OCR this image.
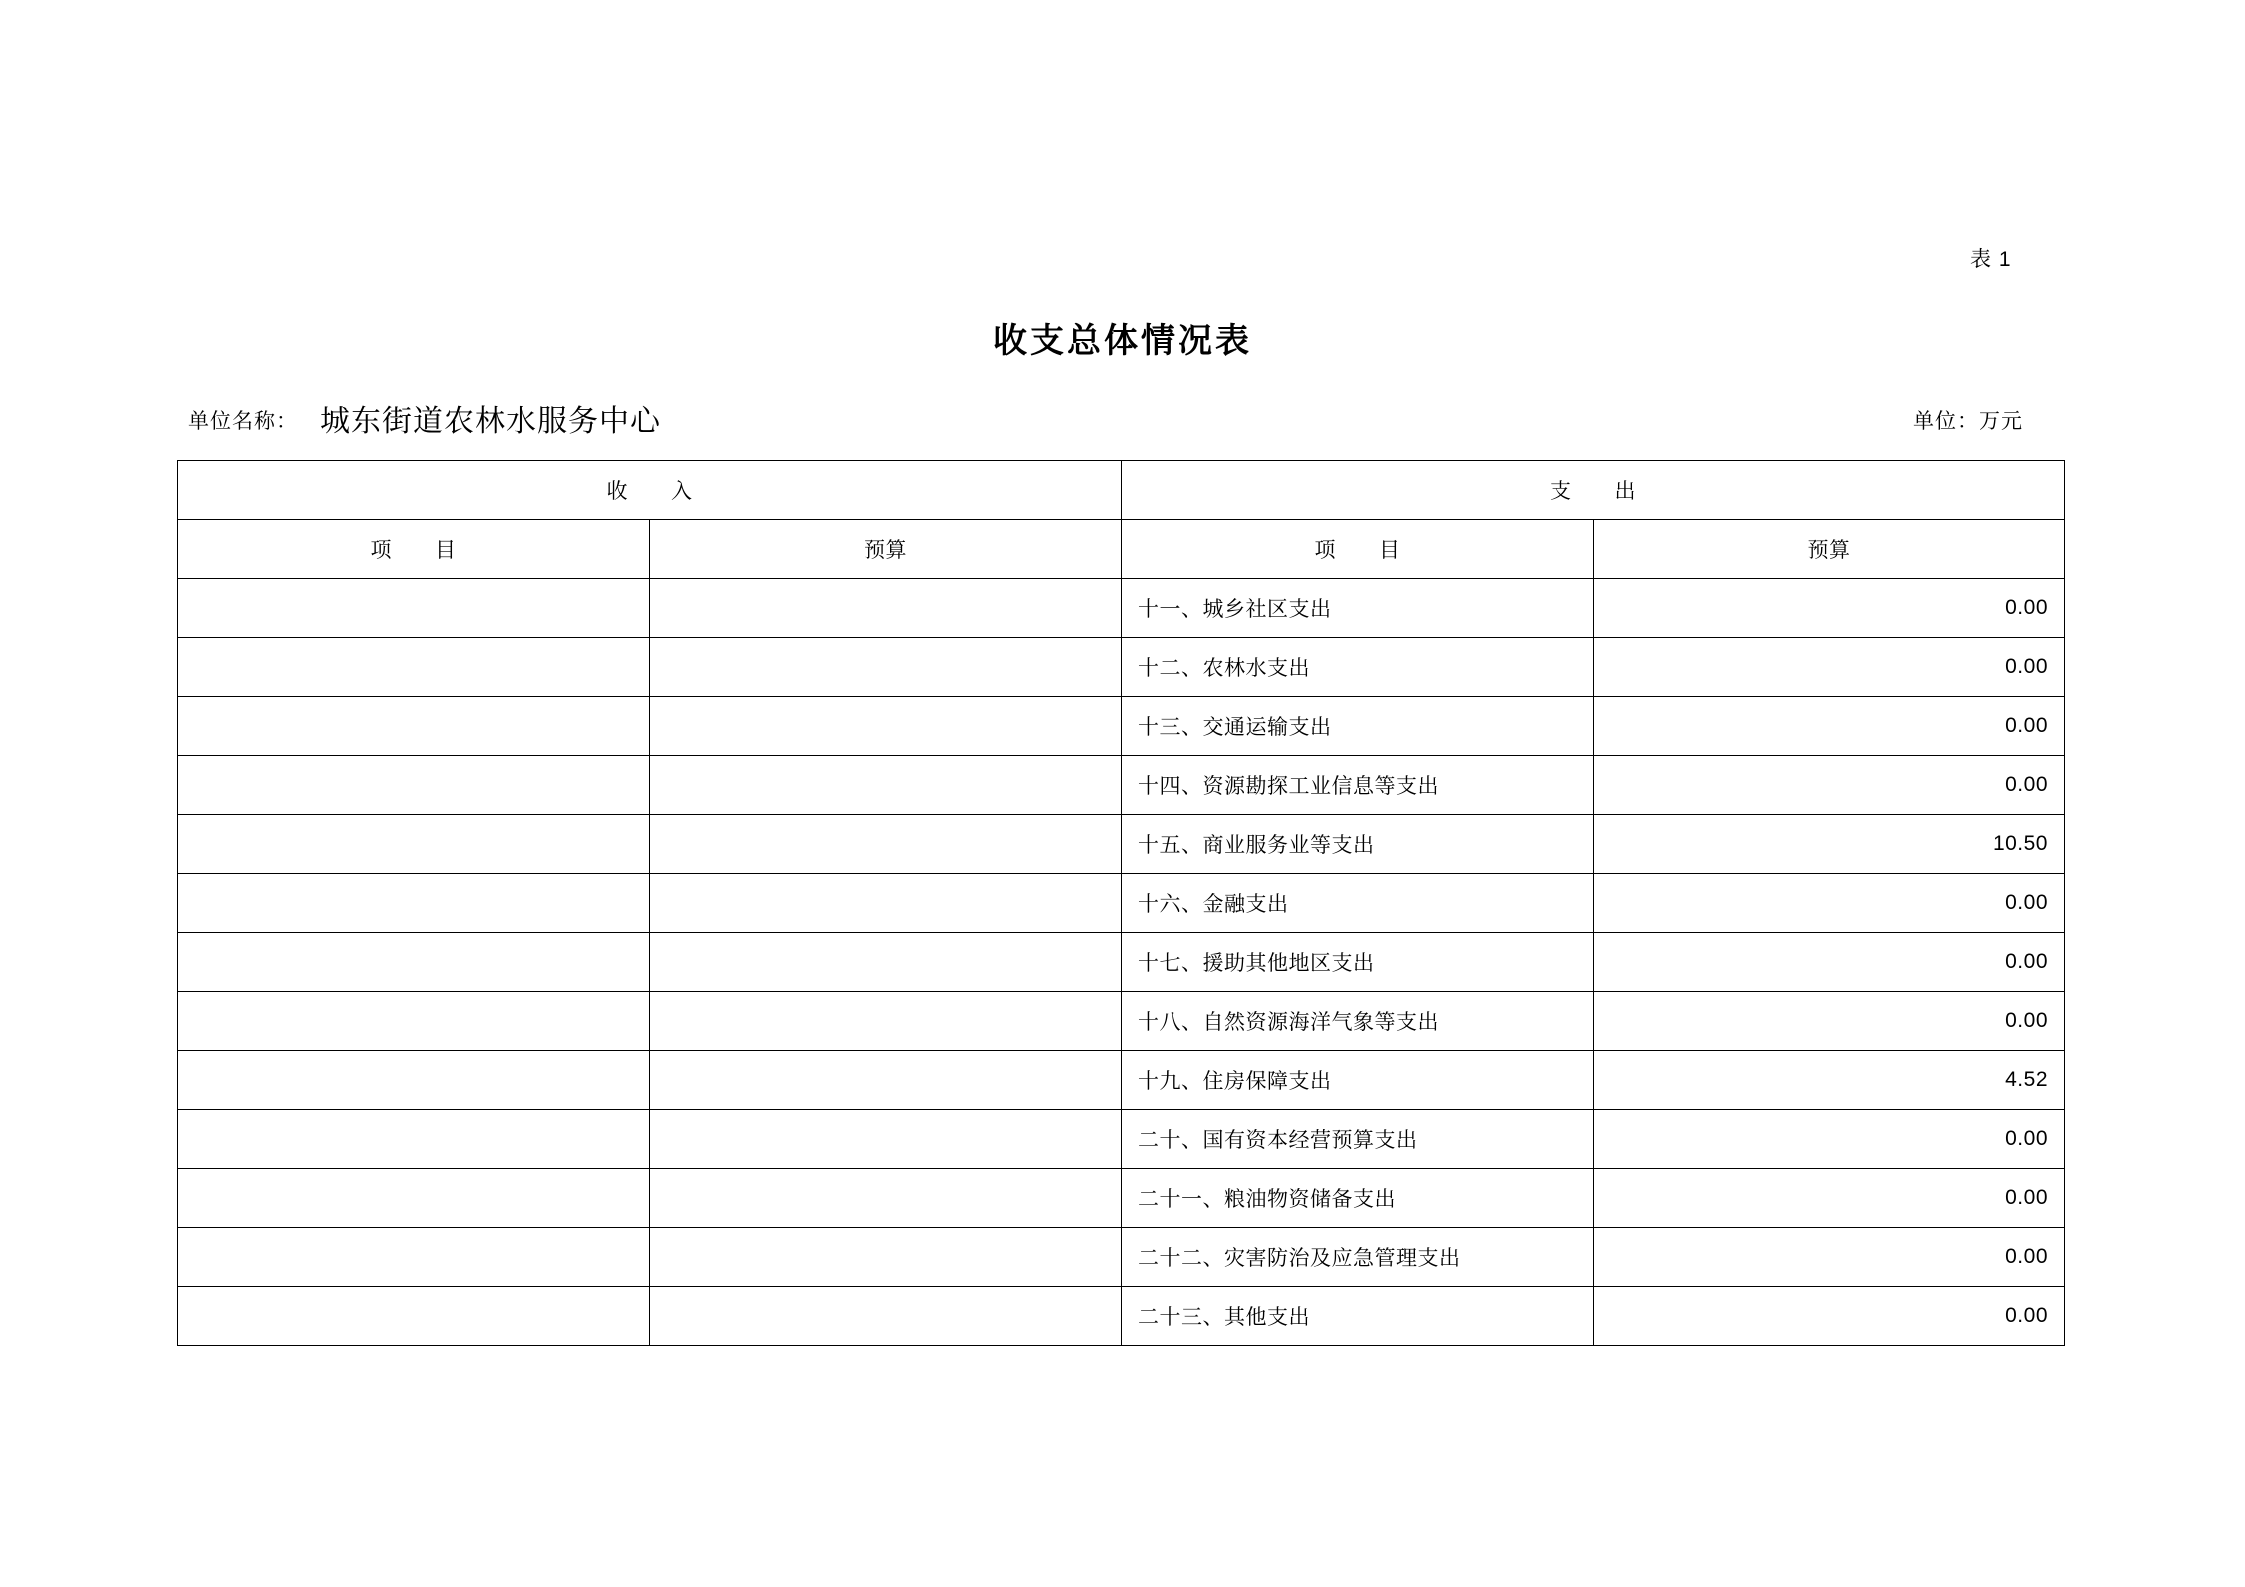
表 1
收支总体情况表
单位名称： 城东街道农林水服务中心	单位：万元
收　　入		支　　出	
项　　目	预算	项　　目	预算
		十一、城乡社区支出	0.00
		十二、农林水支出	0.00
		十三、交通运输支出	0.00
		十四、资源勘探工业信息等支出	0.00
		十五、商业服务业等支出	10.50
		十六、金融支出	0.00
		十七、援助其他地区支出	0.00
		十八、自然资源海洋气象等支出	0.00
		十九、住房保障支出	4.52
		二十、国有资本经营预算支出	0.00
		二十一、粮油物资储备支出	0.00
		二十二、灾害防治及应急管理支出	0.00
		二十三、其他支出	0.00
